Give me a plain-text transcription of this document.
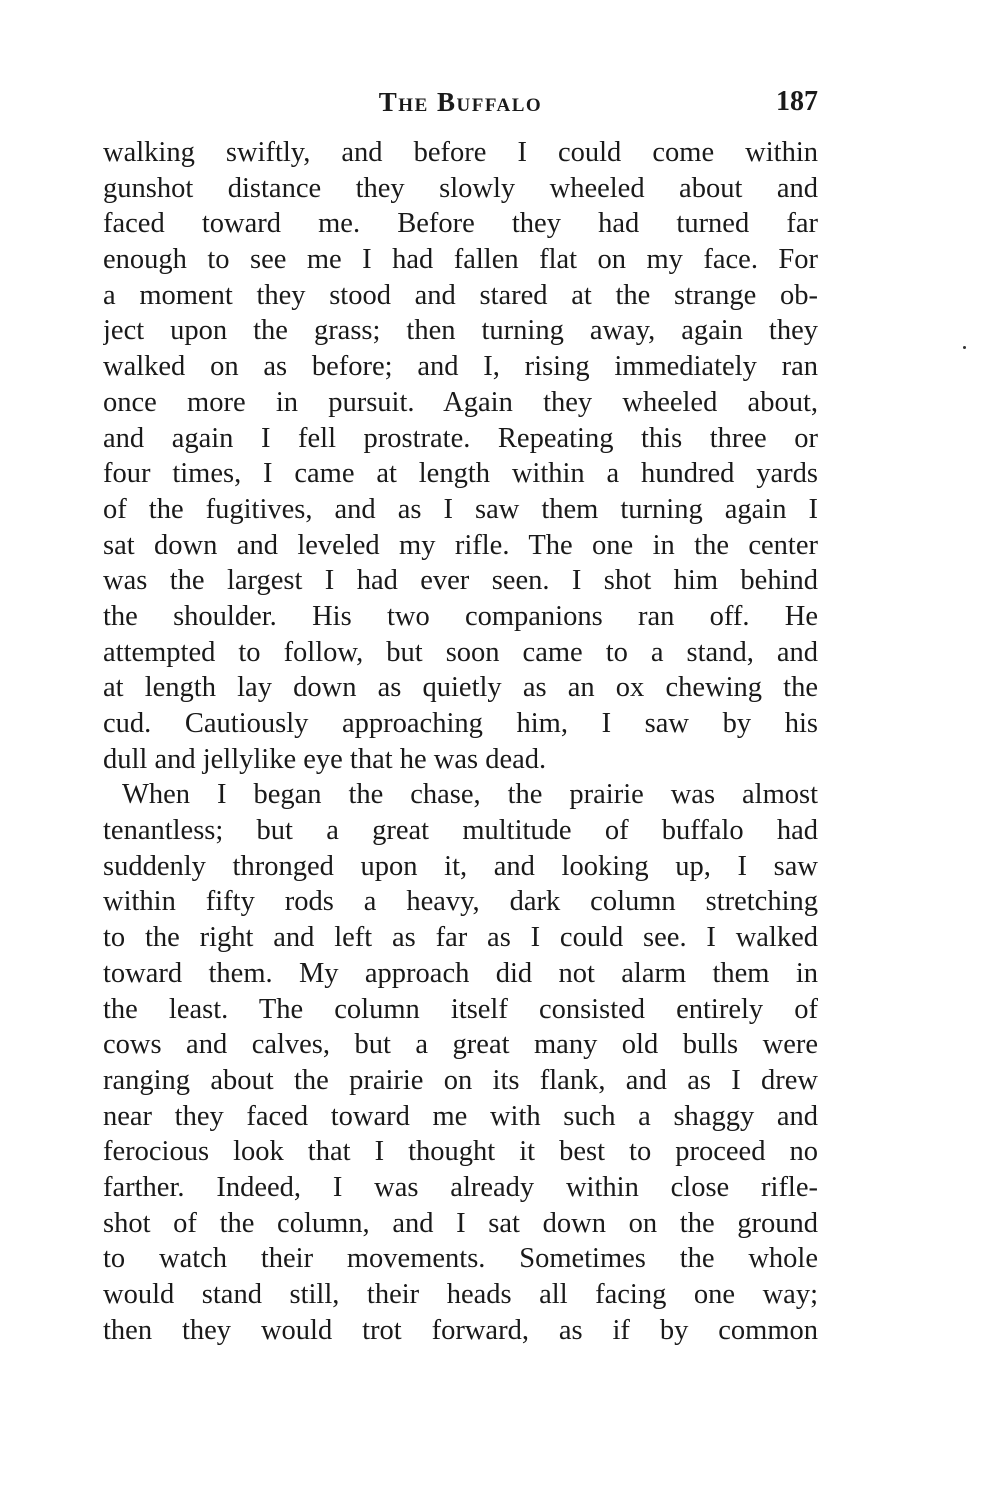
The Buffalo	187
walking swiftly, and before I could come within
gunshot distance they slowly wheeled about and
faced toward me. Before they had turned far
enough to see me I had fallen flat on my face. For
a moment they stood and stared at the strange ob-
ject upon the grass; then turning away, again they
walked on as before; and I, rising immediately ran
once more in pursuit. Again they wheeled about,
and again I fell prostrate. Repeating this three or
four times, I came at length within a hundred yards
of the fugitives, and as I saw them turning again I
sat down and leveled my rifle. The one in the center
was the largest I had ever seen. I shot him behind
the shoulder. His two companions ran off. He
attempted to follow, but soon came to a stand, and
at length lay down as quietly as an ox chewing the
cud. Cautiously approaching him, I saw by his
dull and jellylike eye that he was dead.
When I began the chase, the prairie was almost
tenantless; but a great multitude of buffalo had
suddenly thronged upon it, and looking up, I saw
within fifty rods a heavy, dark column stretching
to the right and left as far as I could see. I walked
toward them. My approach did not alarm them in
the least. The column itself consisted entirely of
cows and calves, but a great many old bulls were
ranging about the prairie on its flank, and as I drew
near they faced toward me with such a shaggy and
ferocious look that I thought it best to proceed no
farther. Indeed, I was already within close rifle-
shot of the column, and I sat down on the ground
to watch their movements. Sometimes the whole
would stand still, their heads all facing one way;
then they would trot forward, as if by common
